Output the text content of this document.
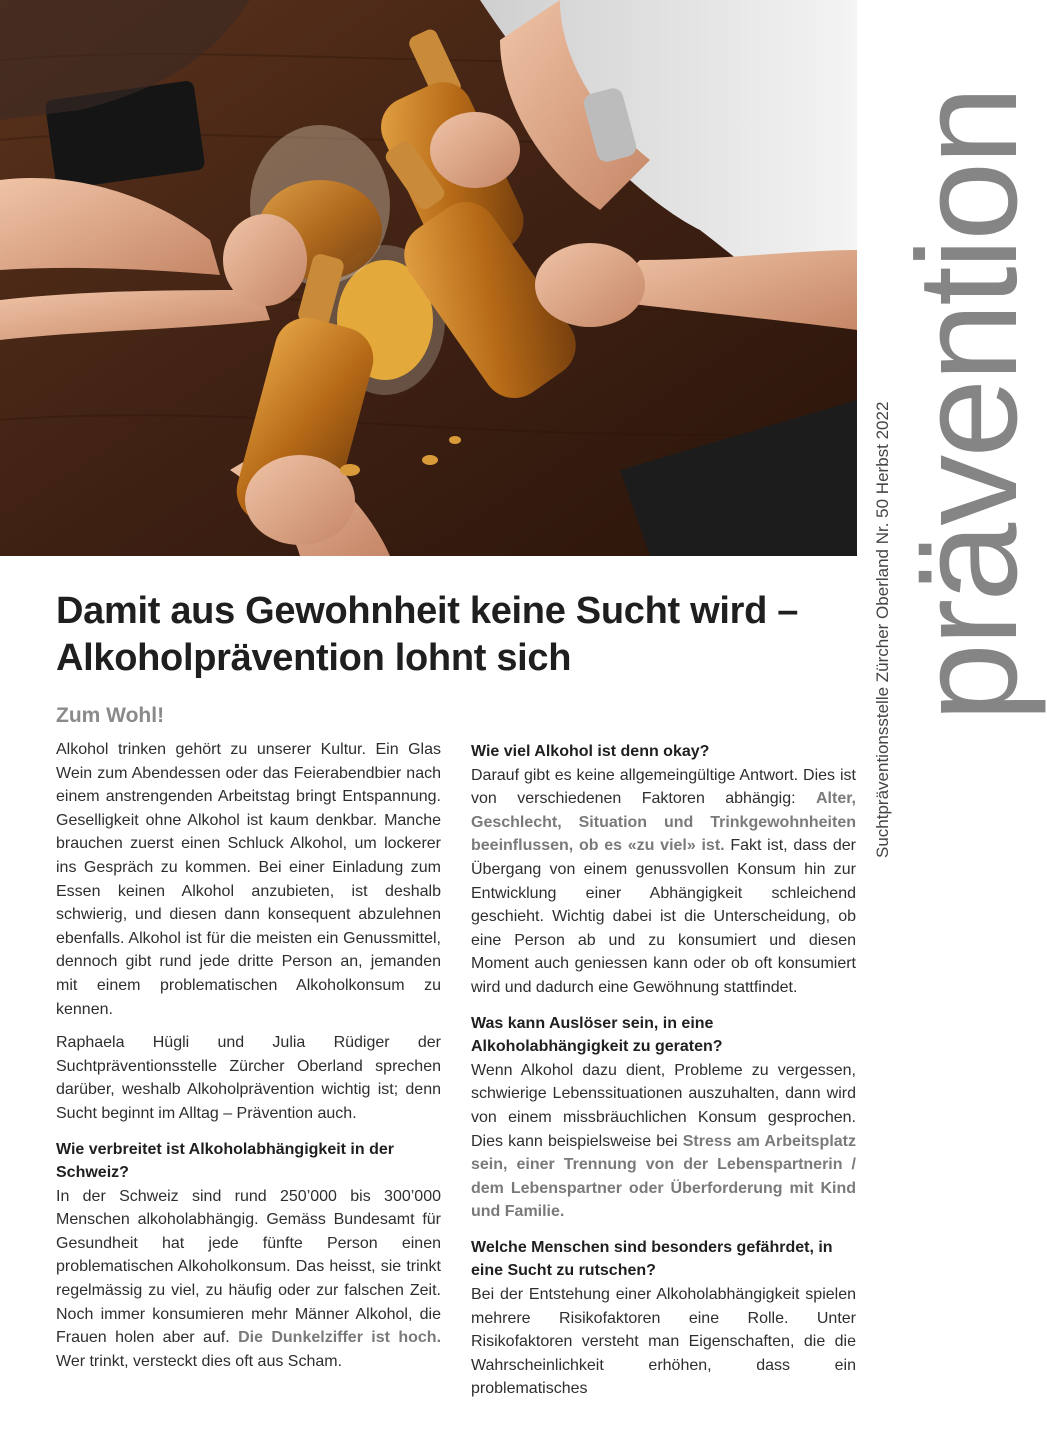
prävention
Suchtpräventionsstelle Zürcher Oberland Nr. 50 Herbst 2022
Damit aus Gewohnheit keine Sucht wird – Alkoholprävention lohnt sich
Zum Wohl!

Alkohol trinken gehört zu unserer Kultur. Ein Glas Wein zum Abendessen oder das Feierabendbier nach einem anstrengenden Arbeitstag bringt Entspannung. Geselligkeit ohne Alkohol ist kaum denkbar. Manche brauchen zuerst einen Schluck Alkohol, um lockerer ins Gespräch zu kommen. Bei einer Einladung zum Essen keinen Alkohol anzubieten, ist deshalb schwierig, und diesen dann konsequent abzulehnen ebenfalls. Alkohol ist für die meisten ein Genussmittel, dennoch gibt rund jede dritte Person an, jemanden mit einem problematischen Alkoholkonsum zu kennen.

Raphaela Hügli und Julia Rüdiger der Suchtpräventionsstelle Zürcher Oberland sprechen darüber, weshalb Alkoholprävention wichtig ist; denn Sucht beginnt im Alltag – Prävention auch.

Wie verbreitet ist Alkoholabhängigkeit in der Schweiz?

In der Schweiz sind rund 250’000 bis 300’000 Menschen alkoholabhängig. Gemäss Bundesamt für Gesundheit hat jede fünfte Person einen problematischen Alkoholkonsum. Das heisst, sie trinkt regelmässig zu viel, zu häufig oder zur falschen Zeit. Noch immer konsumieren mehr Männer Alkohol, die Frauen holen aber auf. Die Dunkelziffer ist hoch. Wer trinkt, versteckt dies oft aus Scham.

Wie viel Alkohol ist denn okay?

Darauf gibt es keine allgemeingültige Antwort. Dies ist von verschiedenen Faktoren abhängig: Alter, Geschlecht, Situation und Trinkgewohnheiten beeinflussen, ob es «zu viel» ist. Fakt ist, dass der Übergang von einem genussvollen Konsum hin zur Entwicklung einer Abhängigkeit schleichend geschieht. Wichtig dabei ist die Unterscheidung, ob eine Person ab und zu konsumiert und diesen Moment auch geniessen kann oder ob oft konsumiert wird und dadurch eine Gewöhnung stattfindet.

Was kann Auslöser sein, in eine Alkoholabhängigkeit zu geraten?

Wenn Alkohol dazu dient, Probleme zu vergessen, schwierige Lebenssituationen auszuhalten, dann wird von einem missbräuchlichen Konsum gesprochen. Dies kann beispielsweise bei Stress am Arbeitsplatz sein, einer Trennung von der Lebenspartnerin / dem Lebenspartner oder Überforderung mit Kind und Familie.

Welche Menschen sind besonders gefährdet, in eine Sucht zu rutschen?

Bei der Entstehung einer Alkoholabhängigkeit spielen mehrere Risikofaktoren eine Rolle. Unter Risikofaktoren versteht man Eigenschaften, die die Wahrscheinlichkeit erhöhen, dass ein problematisches
